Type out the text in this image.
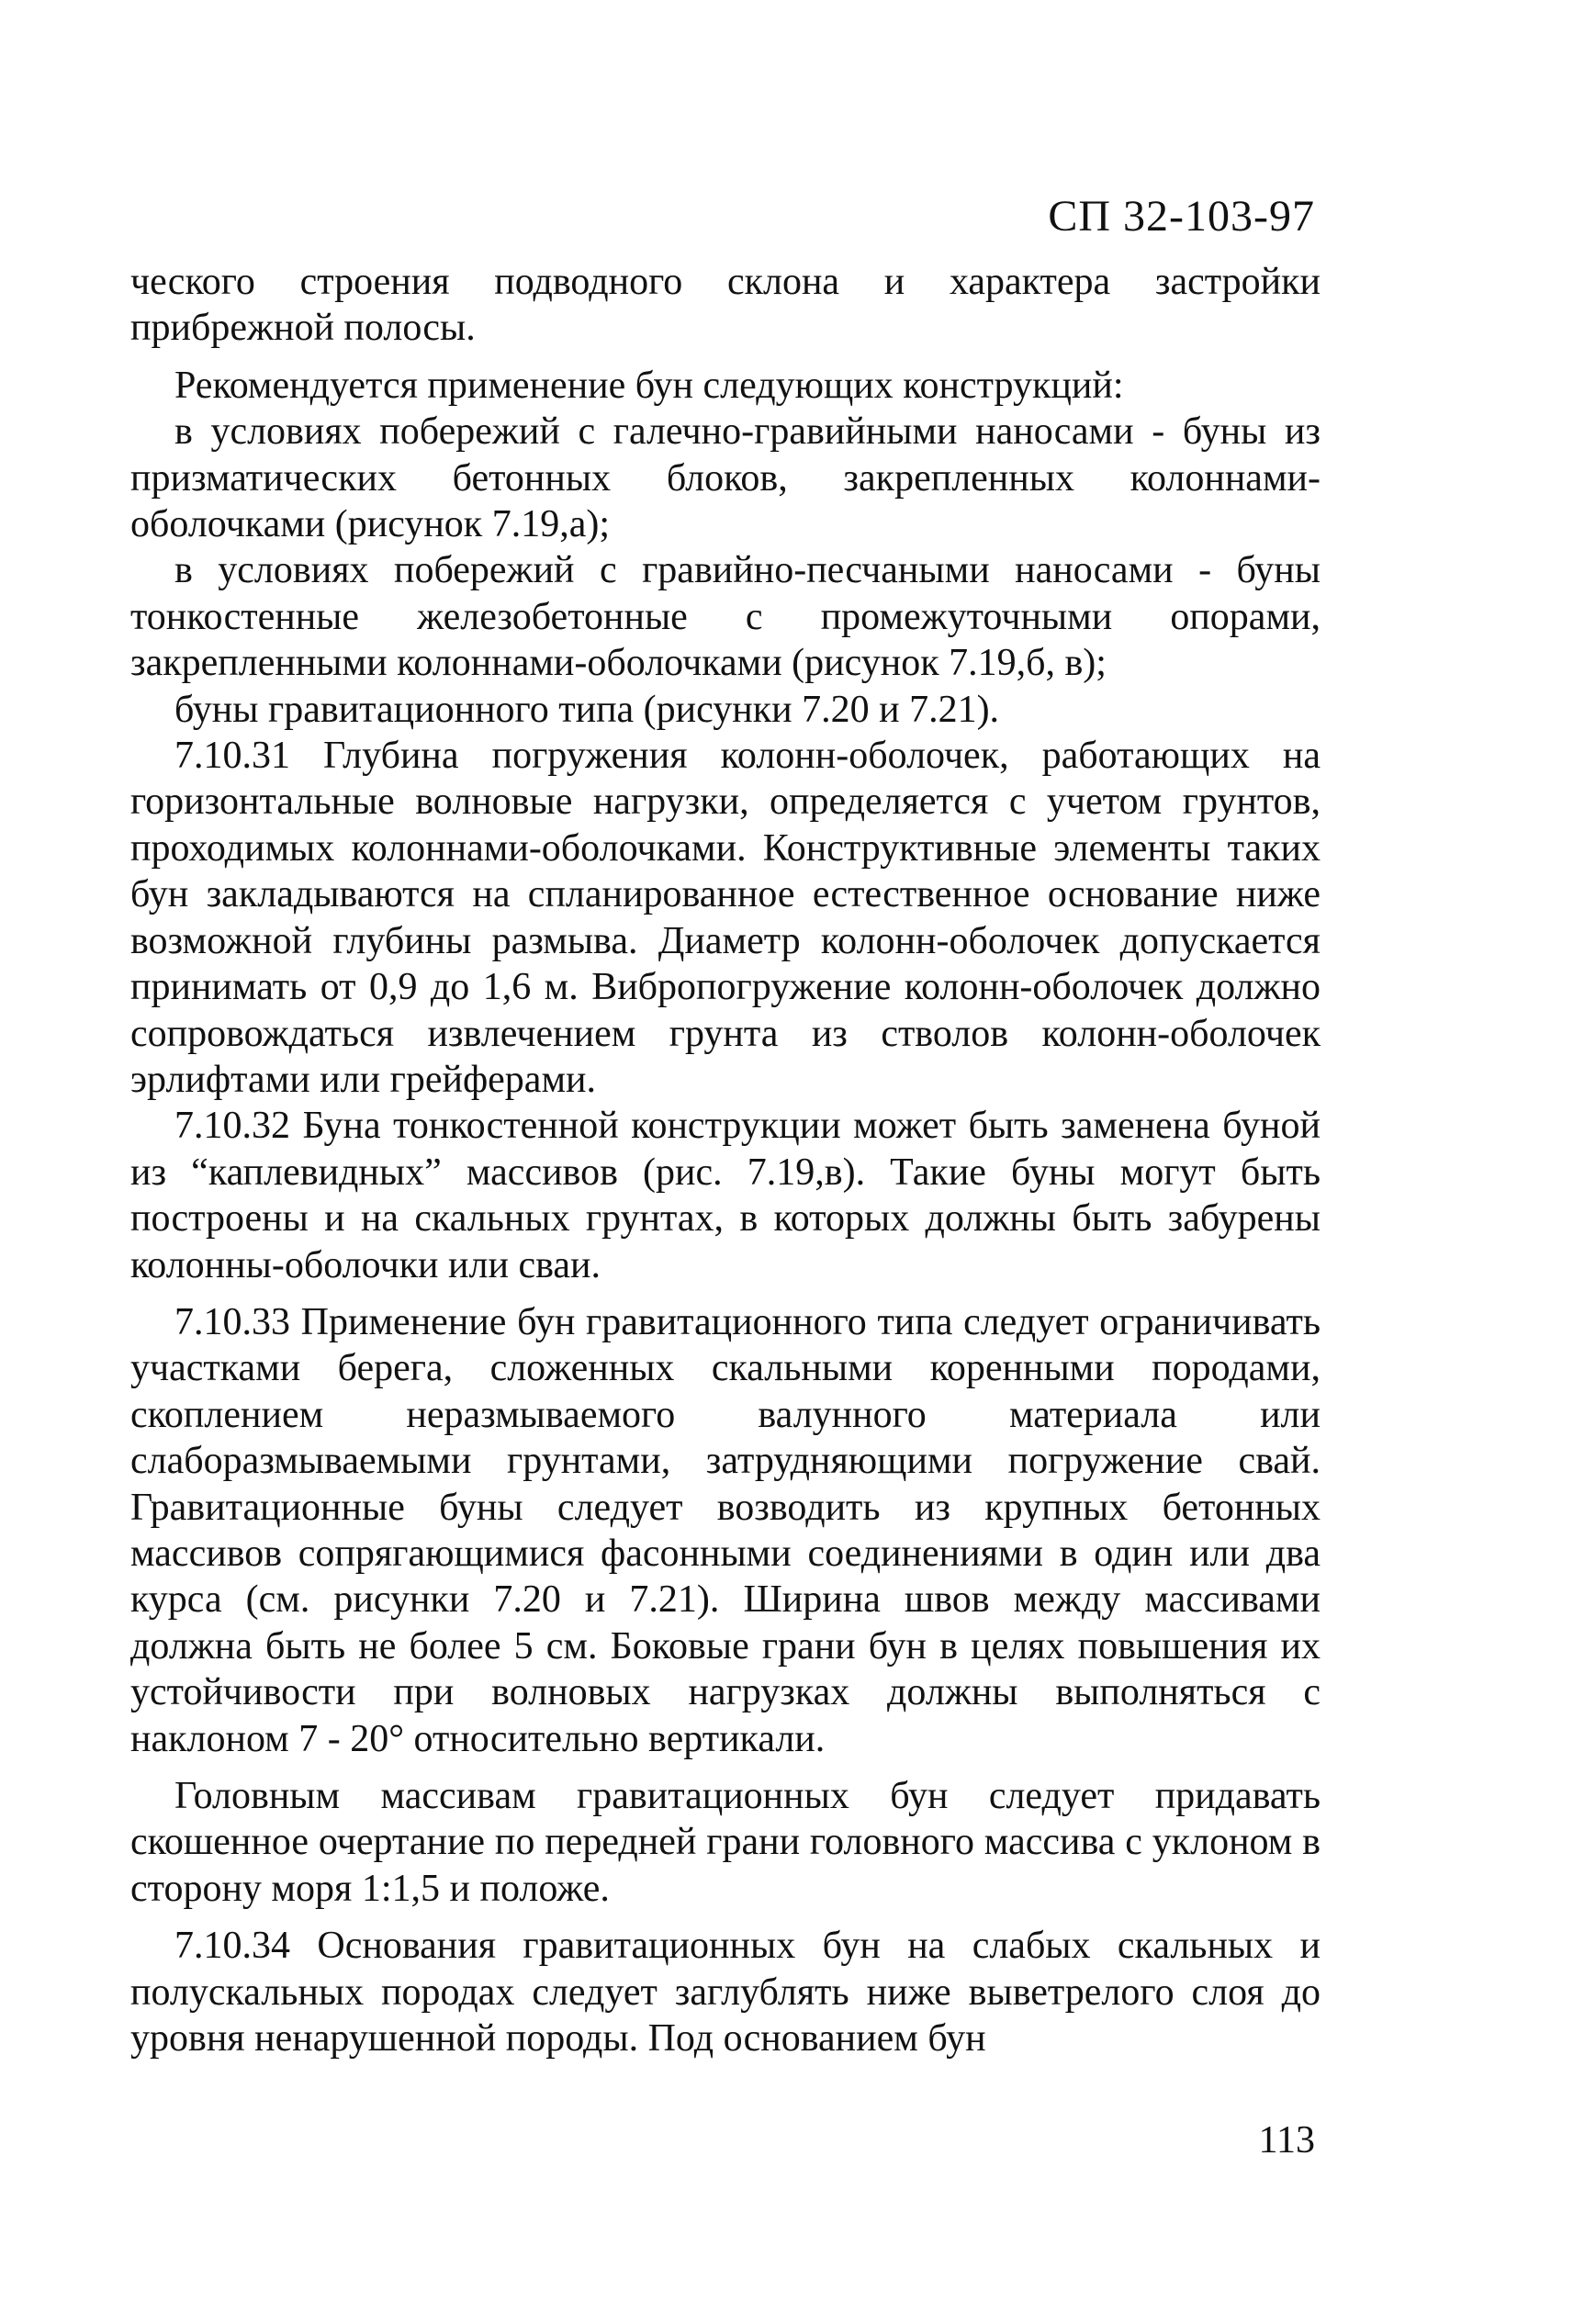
СП 32-103-97

ческого строения подводного склона и характера застройки прибрежной полосы.

Рекомендуется применение бун следующих конструкций:

в условиях побережий с галечно-гравийными наносами - буны из призматических бетонных блоков, закрепленных колоннами-оболочками (рисунок 7.19,а);

в условиях побережий с гравийно-песчаными наносами - буны тонкостенные железобетонные с промежуточными опорами, закрепленными колоннами-оболочками (рисунок 7.19,б, в);

буны гравитационного типа (рисунки 7.20 и 7.21).

7.10.31 Глубина погружения колонн-оболочек, работающих на горизонтальные волновые нагрузки, определяется с учетом грунтов, проходимых колоннами-оболочками. Конструктивные элементы таких бун закладываются на спланированное естественное основание ниже возможной глубины размыва. Диаметр колонн-оболочек допускается принимать от 0,9 до 1,6 м. Вибропогружение колонн-оболочек должно сопровождаться извлечением грунта из стволов колонн-оболочек эрлифтами или грейферами.

7.10.32 Буна тонкостенной конструкции может быть заменена буной из “каплевидных” массивов (рис. 7.19,в). Такие буны могут быть построены и на скальных грунтах, в которых должны быть забурены колонны-оболочки или сваи.

7.10.33 Применение бун гравитационного типа следует ограничивать участками берега, сложенных скальными коренными породами, скоплением неразмываемого валунного материала или слаборазмываемыми грунтами, затрудняющими погружение свай. Гравитационные буны следует возводить из крупных бетонных массивов сопрягающимися фасонными соединениями в один или два курса (см. рисунки 7.20 и 7.21). Ширина швов между массивами должна быть не более 5 см. Боковые грани бун в целях повышения их устойчивости при волновых нагрузках должны выполняться с наклоном 7 - 20° относительно вертикали.

Головным массивам гравитационных бун следует придавать скошенное очертание по передней грани головного массива с уклоном в сторону моря 1:1,5 и положе.

7.10.34 Основания гравитационных бун на слабых скальных и полускальных породах следует заглублять ниже выветрелого слоя до уровня ненарушенной породы. Под основанием бун

113
